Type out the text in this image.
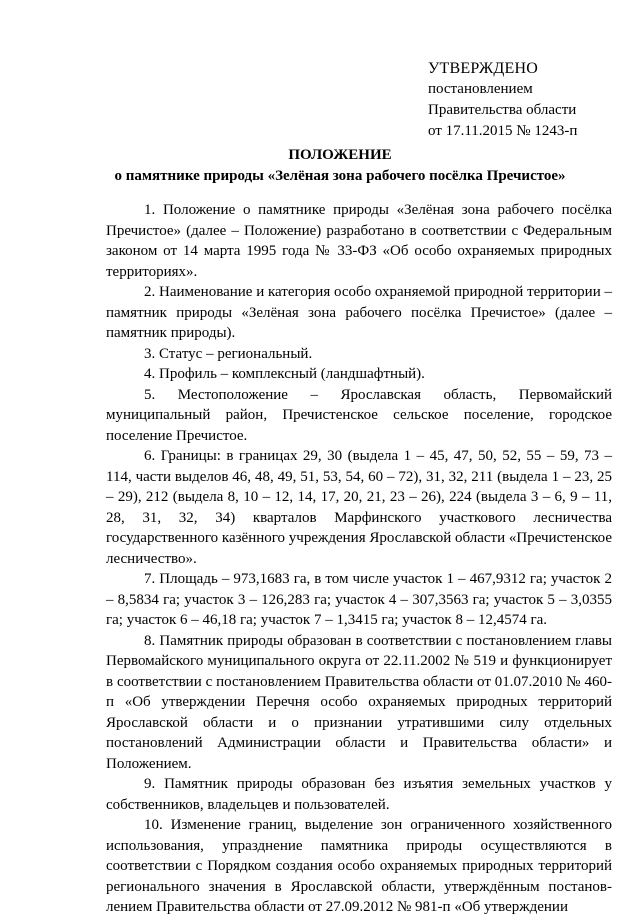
УТВЕРЖДЕНО
постановлением
Правительства области
от 17.11.2015 № 1243-п
ПОЛОЖЕНИЕ
о памятнике природы «Зелёная зона рабочего посёлка Пречистое»

1. Положение о памятнике природы «Зелёная зона рабочего посёлка Пречистое» (далее – Положение) разработано в соответствии с Федеральным законом от 14 марта 1995 года № 33-ФЗ «Об особо охраняемых природных территориях».

2. Наименование и категория особо охраняемой природной территории – памятник природы «Зелёная зона рабочего посёлка Пречистое» (далее – памятник природы).

3. Статус – региональный.

4. Профиль – комплексный (ландшафтный).

5. Местоположение – Ярославская область, Первомайский муниципальный район, Пречистенское сельское поселение, городское поселение Пречистое.

6. Границы: в границах 29, 30 (выдела 1 – 45, 47, 50, 52, 55 – 59, 73 – 114, части выделов 46, 48, 49, 51, 53, 54, 60 – 72), 31, 32, 211 (выдела 1 – 23, 25 – 29), 212 (выдела 8, 10 – 12, 14, 17, 20, 21, 23 – 26), 224 (выдела 3 – 6, 9 – 11, 28, 31, 32, 34) кварталов Марфинского участкового лесничества государственного казённого учреждения Ярославской области «Пречистенское лесничество».

7. Площадь – 973,1683 га, в том числе участок 1 – 467,9312 га; участок 2 – 8,5834 га; участок 3 – 126,283 га; участок 4 – 307,3563 га; участок 5 – 3,0355 га; участок 6 – 46,18 га; участок 7 – 1,3415 га; участок 8 – 12,4574 га.

8. Памятник природы образован в соответствии с постановлением главы Первомайского муниципального округа от 22.11.2002 № 519 и функционирует в соответствии с постановлением Правительства области от 01.07.2010 № 460-п «Об утверждении Перечня особо охраняемых природных территорий Ярославской области и о признании утратившими силу отдельных постановлений Администрации области и Правительства области» и Положением.

9. Памятник природы образован без изъятия земельных участков у собственников, владельцев и пользователей.

10. Изменение границ, выделение зон ограниченного хозяйственного использования, упразднение памятника природы осуществляются в соответствии с Порядком создания особо охраняемых природных территорий регионального значения в Ярославской области, утверждённым постановлением Правительства области от 27.09.2012 № 981-п «Об утверждении
